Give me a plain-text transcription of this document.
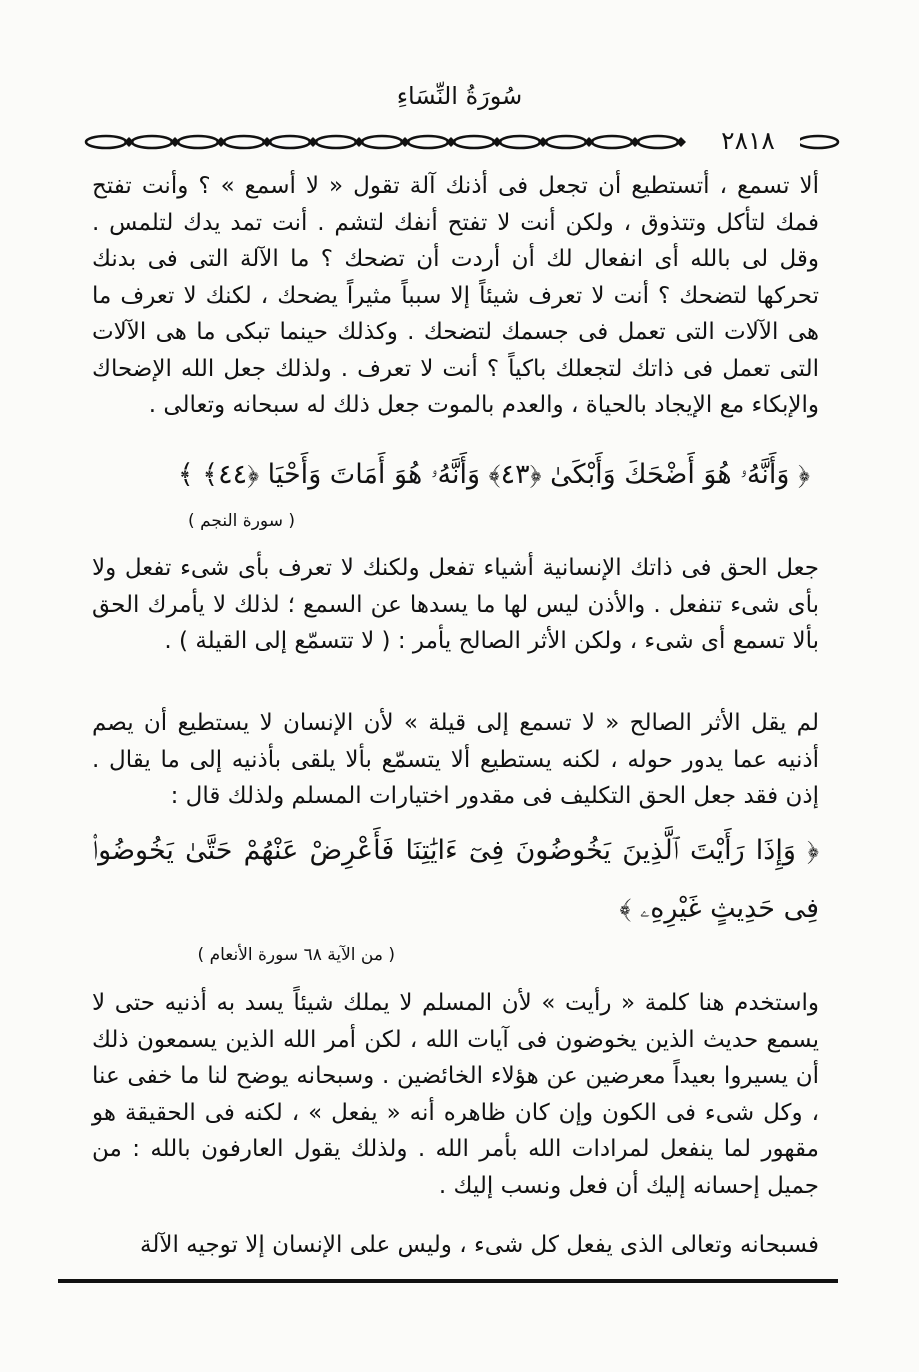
سُورَةُ النِّسَاءِ
٢٨١٨
ألا تسمع ، أتستطيع أن تجعل فى أذنك آلة تقول « لا أسمع » ؟ وأنت تفتح فمك لتأكل وتتذوق ، ولكن أنت لا تفتح أنفك لتشم . أنت تمد يدك لتلمس . وقل لى بالله أى انفعال لك أن أردت أن تضحك ؟ ما الآلة التى فى بدنك تحركها لتضحك ؟ أنت لا تعرف شيئاً إلا سبباً مثيراً يضحك ، لكنك لا تعرف ما هى الآلات التى تعمل فى جسمك لتضحك . وكذلك حينما تبكى ما هى الآلات التى تعمل فى ذاتك لتجعلك باكياً ؟ أنت لا تعرف . ولذلك جعل الله الإضحاك والإبكاء مع الإيجاد بالحياة ، والعدم بالموت جعل ذلك له سبحانه وتعالى .
﴿ وَأَنَّهُۥ هُوَ أَضْحَكَ وَأَبْكَىٰ ﴿٤٣﴾ وَأَنَّهُۥ هُوَ أَمَاتَ وَأَحْيَا ﴿٤٤﴾ ﴾
( سورة النجم )
جعل الحق فى ذاتك الإنسانية أشياء تفعل ولكنك لا تعرف بأى شىء تفعل ولا بأى شىء تنفعل . والأذن ليس لها ما يسدها عن السمع ؛ لذلك لا يأمرك الحق بألا تسمع أى شىء ، ولكن الأثر الصالح يأمر : ( لا تتسمّع إلى القيلة ) .
لم يقل الأثر الصالح « لا تسمع إلى قيلة » لأن الإنسان لا يستطيع أن يصم أذنيه عما يدور حوله ، لكنه يستطيع ألا يتسمّع بألا يلقى بأذنيه إلى ما يقال . إذن فقد جعل الحق التكليف فى مقدور اختيارات المسلم ولذلك قال :
﴿ وَإِذَا رَأَيْتَ ٱلَّذِينَ يَخُوضُونَ فِىٓ ءَايَٰتِنَا فَأَعْرِضْ عَنْهُمْ حَتَّىٰ يَخُوضُوا۟ فِى حَدِيثٍ غَيْرِهِۦ ﴾
( من الآية ٦٨ سورة الأنعام )
واستخدم هنا كلمة « رأيت » لأن المسلم لا يملك شيئاً يسد به أذنيه حتى لا يسمع حديث الذين يخوضون فى آيات الله ، لكن أمر الله الذين يسمعون ذلك أن يسيروا بعيداً معرضين عن هؤلاء الخائضين . وسبحانه يوضح لنا ما خفى عنا ، وكل شىء فى الكون وإن كان ظاهره أنه « يفعل » ، لكنه فى الحقيقة هو مقهور لما ينفعل لمرادات الله بأمر الله . ولذلك يقول العارفون بالله : من جميل إحسانه إليك أن فعل ونسب إليك .
فسبحانه وتعالى الذى يفعل كل شىء ، وليس على الإنسان إلا توجيه الآلة
